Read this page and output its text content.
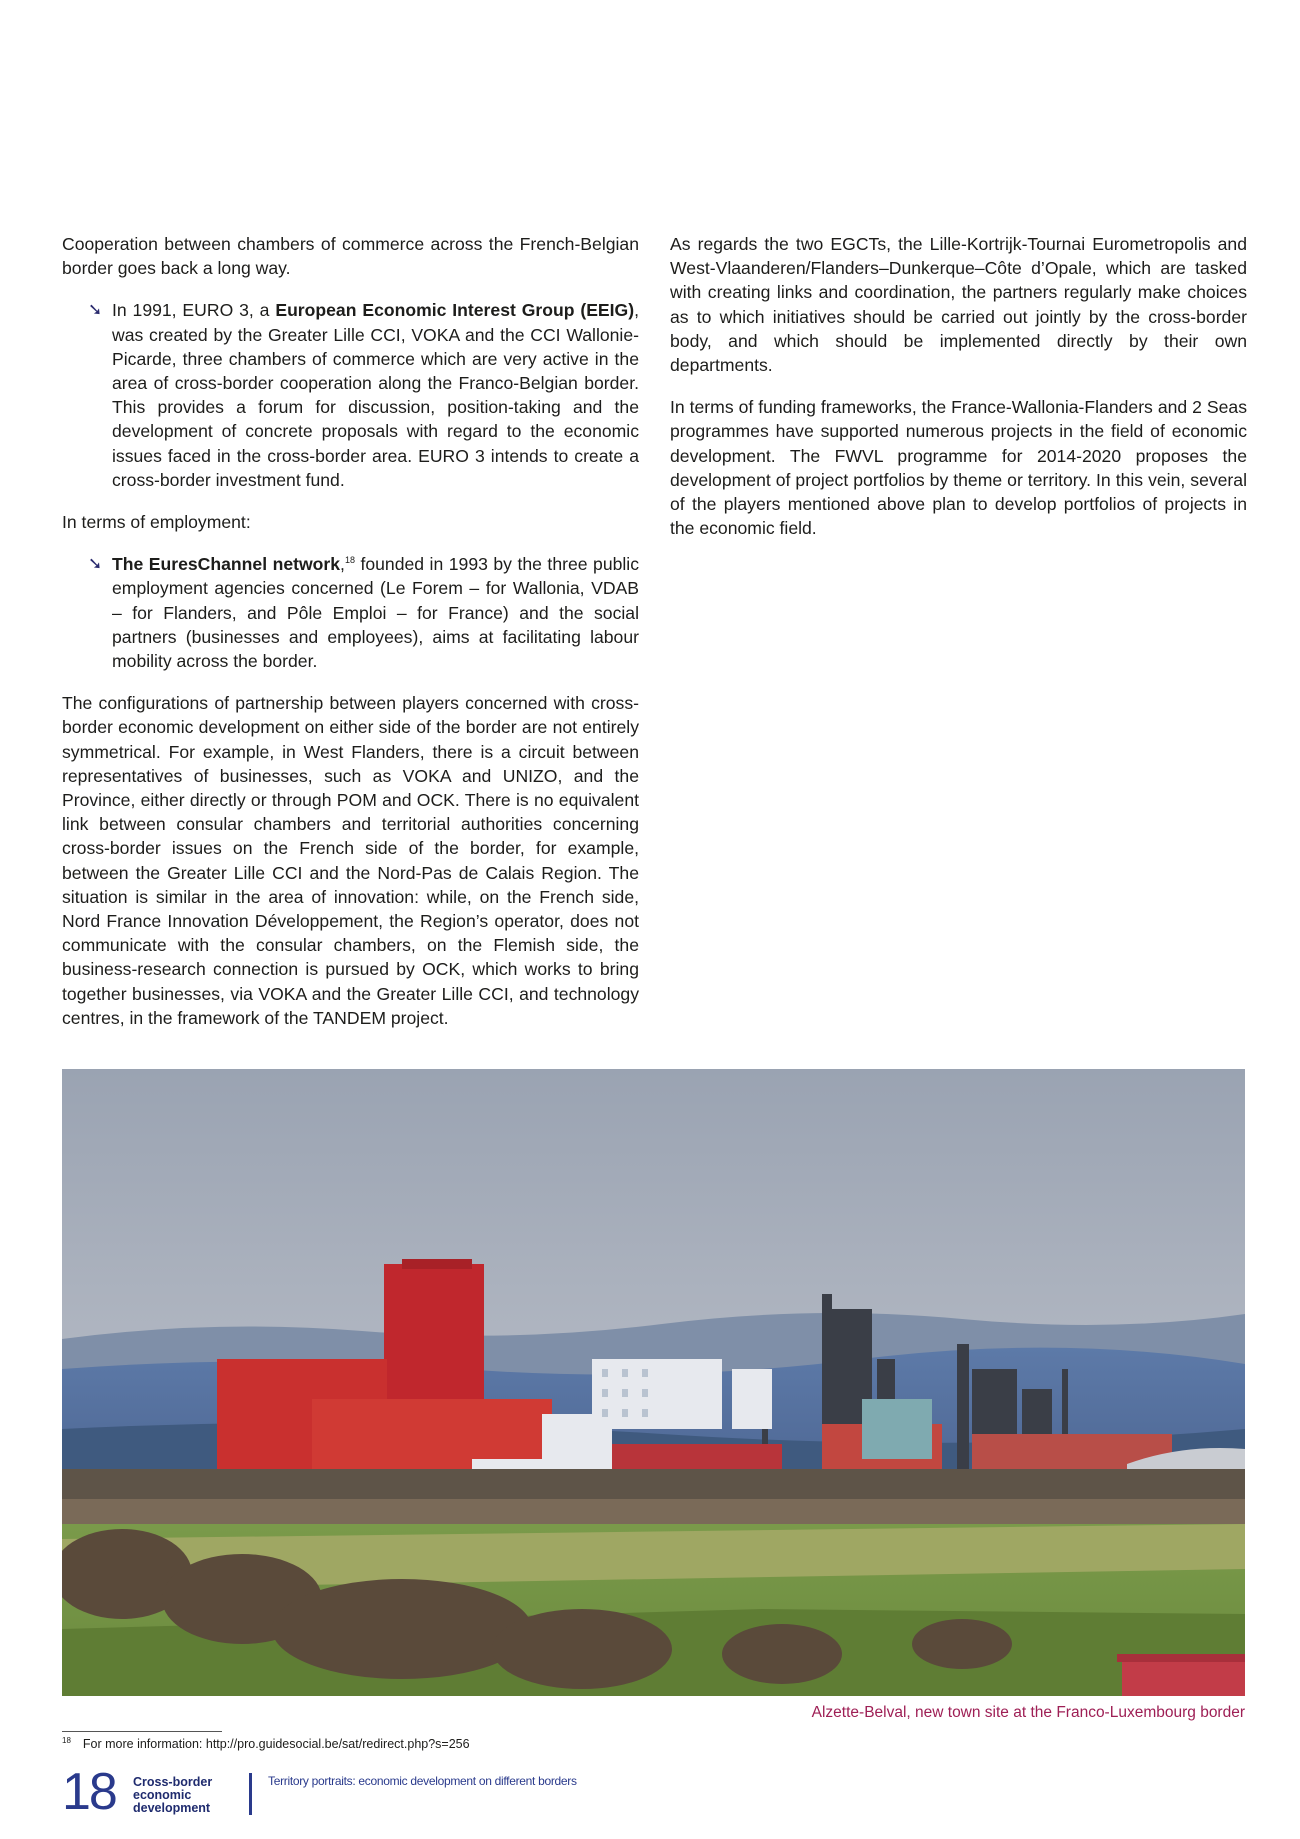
Cooperation between chambers of commerce across the French-Belgian border goes back a long way.

➘ In 1991, EURO 3, a European Economic Interest Group (EEIG), was created by the Greater Lille CCI, VOKA and the CCI Wallonie-Picarde, three chambers of commerce which are very active in the area of cross-border cooperation along the Franco-Belgian border. This provides a forum for discussion, position-taking and the development of concrete proposals with regard to the economic issues faced in the cross-border area. EURO 3 intends to create a cross-border investment fund.

In terms of employment:

➘ The EuresChannel network,$^{18}$ founded in 1993 by the three public employment agencies concerned (Le Forem – for Wallonia, VDAB – for Flanders, and Pôle Emploi – for France) and the social partners (businesses and employees), aims at facilitating labour mobility across the border.

The configurations of partnership between players concerned with cross-border economic development on either side of the border are not entirely symmetrical. For example, in West Flanders, there is a circuit between representatives of businesses, such as VOKA and UNIZO, and the Province, either directly or through POM and OCK. There is no equivalent link between consular chambers and territorial authorities concerning cross-border issues on the French side of the border, for example, between the Greater Lille CCI and the Nord-Pas de Calais Region. The situation is similar in the area of innovation: while, on the French side, Nord France Innovation Développement, the Region’s operator, does not communicate with the consular chambers, on the Flemish side, the business-research connection is pursued by OCK, which works to bring together businesses, via VOKA and the Greater Lille CCI, and technology centres, in the framework of the TANDEM project.

As regards the two EGCTs, the Lille-Kortrijk-Tournai Eurometropolis and West-Vlaanderen/Flanders–Dunkerque–Côte d’Opale, which are tasked with creating links and coordination, the partners regularly make choices as to which initiatives should be carried out jointly by the cross-border body, and which should be implemented directly by their own departments.

In terms of funding frameworks, the France-Wallonia-Flanders and 2 Seas programmes have supported numerous projects in the field of economic development. The FWVL programme for 2014-2020 proposes the development of project portfolios by theme or territory. In this vein, several of the players mentioned above plan to develop portfolios of projects in the economic field.

Alzette-Belval, new town site at the Franco-Luxembourg border
$^{18}$ For more information: http://pro.guidesocial.be/sat/redirect.php?s=256
18 Cross-border
economic
development
Territory portraits: economic development on different borders
